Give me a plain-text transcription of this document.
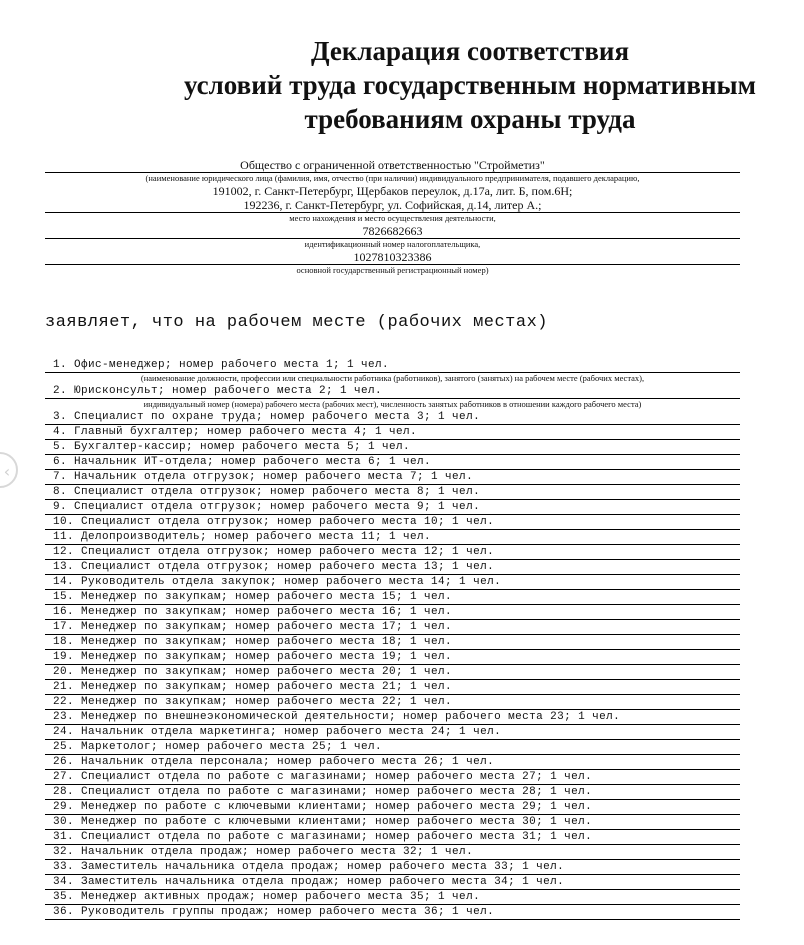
‹
Декларация соответствия
условий труда государственным нормативным
требованиям охраны труда
Общество с ограниченной ответственностью "Стройметиз"
(наименование юридического лица (фамилия, имя, отчество (при наличии) индивидуального предпринимателя, подавшего декларацию,
191002, г. Санкт-Петербург, Щербаков переулок, д.17а, лит. Б, пом.6Н;
192236, г. Санкт-Петербург, ул. Софийская, д.14, литер А.;
место нахождения и место осуществления деятельности,
7826682663
идентификационный номер налогоплательщика,
1027810323386
основной государственный регистрационный номер)
заявляет, что на рабочем месте (рабочих местах)
1. Офис-менеджер; номер рабочего места 1; 1 чел.
(наименование должности, профессии или специальности работника (работников), занятого (занятых) на рабочем месте (рабочих местах),
2. Юрисконсульт; номер рабочего места 2; 1 чел.
индивидуальный номер (номера) рабочего места (рабочих мест), численность занятых работников в отношении каждого рабочего места)
3. Специалист по охране труда; номер рабочего места 3; 1 чел.
4. Главный бухгалтер; номер рабочего места 4; 1 чел.
5. Бухгалтер-кассир; номер рабочего места 5; 1 чел.
6. Начальник ИТ-отдела; номер рабочего места 6; 1 чел.
7. Начальник отдела отгрузок; номер рабочего места 7; 1 чел.
8. Специалист отдела отгрузок; номер рабочего места 8; 1 чел.
9. Специалист отдела отгрузок; номер рабочего места 9; 1 чел.
10. Специалист отдела отгрузок; номер рабочего места 10; 1 чел.
11. Делопроизводитель; номер рабочего места 11; 1 чел.
12. Специалист отдела отгрузок; номер рабочего места 12; 1 чел.
13. Специалист отдела отгрузок; номер рабочего места 13; 1 чел.
14. Руководитель отдела закупок; номер рабочего места 14; 1 чел.
15. Менеджер по закупкам; номер рабочего места 15; 1 чел.
16. Менеджер по закупкам; номер рабочего места 16; 1 чел.
17. Менеджер по закупкам; номер рабочего места 17; 1 чел.
18. Менеджер по закупкам; номер рабочего места 18; 1 чел.
19. Менеджер по закупкам; номер рабочего места 19; 1 чел.
20. Менеджер по закупкам; номер рабочего места 20; 1 чел.
21. Менеджер по закупкам; номер рабочего места 21; 1 чел.
22. Менеджер по закупкам; номер рабочего места 22; 1 чел.
23. Менеджер по внешнеэкономической деятельности; номер рабочего места 23; 1 чел.
24. Начальник отдела маркетинга; номер рабочего места 24; 1 чел.
25. Маркетолог; номер рабочего места 25; 1 чел.
26. Начальник отдела персонала; номер рабочего места 26; 1 чел.
27. Специалист отдела по работе с магазинами; номер рабочего места 27; 1 чел.
28. Специалист отдела по работе с магазинами; номер рабочего места 28; 1 чел.
29. Менеджер по работе с ключевыми клиентами; номер рабочего места 29; 1 чел.
30. Менеджер по работе с ключевыми клиентами; номер рабочего места 30; 1 чел.
31. Специалист отдела по работе с магазинами; номер рабочего места 31; 1 чел.
32. Начальник отдела продаж; номер рабочего места 32; 1 чел.
33. Заместитель начальника отдела продаж; номер рабочего места 33; 1 чел.
34. Заместитель начальника отдела продаж; номер рабочего места 34; 1 чел.
35. Менеджер активных продаж; номер рабочего места 35; 1 чел.
36. Руководитель группы продаж; номер рабочего места 36; 1 чел.
